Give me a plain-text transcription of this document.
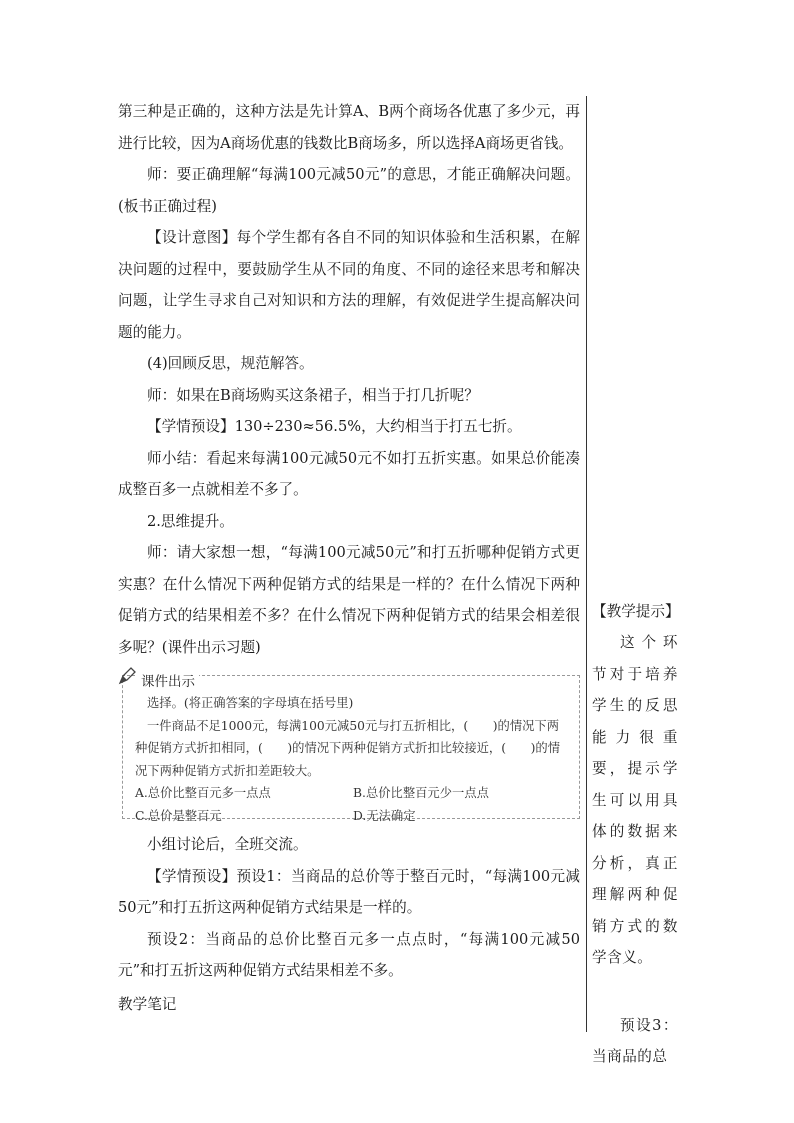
第三种是正确的，这种方法是先计算A、B两个商场各优惠了多少元，再进行比较，因为A商场优惠的钱数比B商场多，所以选择A商场更省钱。

师：要正确理解“每满100元减50元”的意思，才能正确解决问题。(板书正确过程)

【设计意图】每个学生都有各自不同的知识体验和生活积累，在解决问题的过程中，要鼓励学生从不同的角度、不同的途径来思考和解决问题，让学生寻求自己对知识和方法的理解，有效促进学生提高解决问题的能力。

(4)回顾反思，规范解答。

师：如果在B商场购买这条裙子，相当于打几折呢？

【学情预设】130÷230≈56.5%，大约相当于打五七折。

师小结：看起来每满100元减50元不如打五折实惠。如果总价能凑成整百多一点就相差不多了。

2.思维提升。

师：请大家想一想，“每满100元减50元”和打五折哪种促销方式更实惠？在什么情况下两种促销方式的结果是一样的？在什么情况下两种促销方式的结果相差不多？在什么情况下两种促销方式的结果会相差很多呢？(课件出示习题)

课件出示

选择。(将正确答案的字母填在括号里)

一件商品不足1000元，每满100元减50元与打五折相比，(　　)的情况下两种促销方式折扣相同，(　　)的情况下两种促销方式折扣比较接近，(　　)的情况下两种促销方式折扣差距较大。

A.总价比整百元多一点点	B.总价比整百元少一点点
C.总价是整百元	D.无法确定

小组讨论后，全班交流。

【学情预设】预设1：当商品的总价等于整百元时，“每满100元减50元”和打五折这两种促销方式结果是一样的。

预设2：当商品的总价比整百元多一点点时，“每满100元减50元”和打五折这两种促销方式结果相差不多。

教学笔记

【教学提示】

这个环节对于培养学生的反思能力很重要，提示学生可以用具体的数据来分析，真正理解两种促销方式的数学含义。

预设3：当商品的总
